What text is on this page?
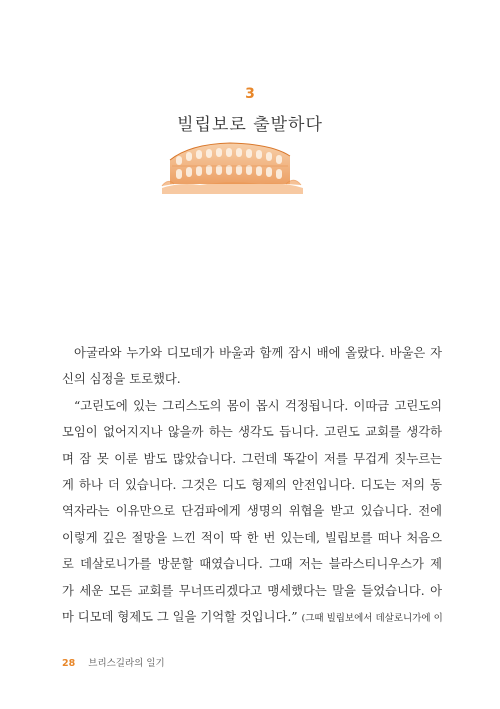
3
빌립보로 출발하다
아굴라와 누가와 디모데가 바울과 함께 잠시 배에 올랐다. 바울은 자
신의 심정을 토로했다.
“고린도에 있는 그리스도의 몸이 몹시 걱정됩니다. 이따금 고린도의
모임이 없어지지나 않을까 하는 생각도 듭니다. 고린도 교회를 생각하
며 잠 못 이룬 밤도 많았습니다. 그런데 똑같이 저를 무겁게 짓누르는
게 하나 더 있습니다. 그것은 디도 형제의 안전입니다. 디도는 저의 동
역자라는 이유만으로 단검파에게 생명의 위협을 받고 있습니다. 전에
이렇게 깊은 절망을 느낀 적이 딱 한 번 있는데, 빌립보를 떠나 처음으
로 데살로니가를 방문할 때였습니다. 그때 저는 블라스티니우스가 제
가 세운 모든 교회를 무너뜨리겠다고 맹세했다는 말을 들었습니다. 아
마 디모데 형제도 그 일을 기억할 것입니다.” (그때 빌립보에서 데살로니가에 이
28 브리스길라의 일기
